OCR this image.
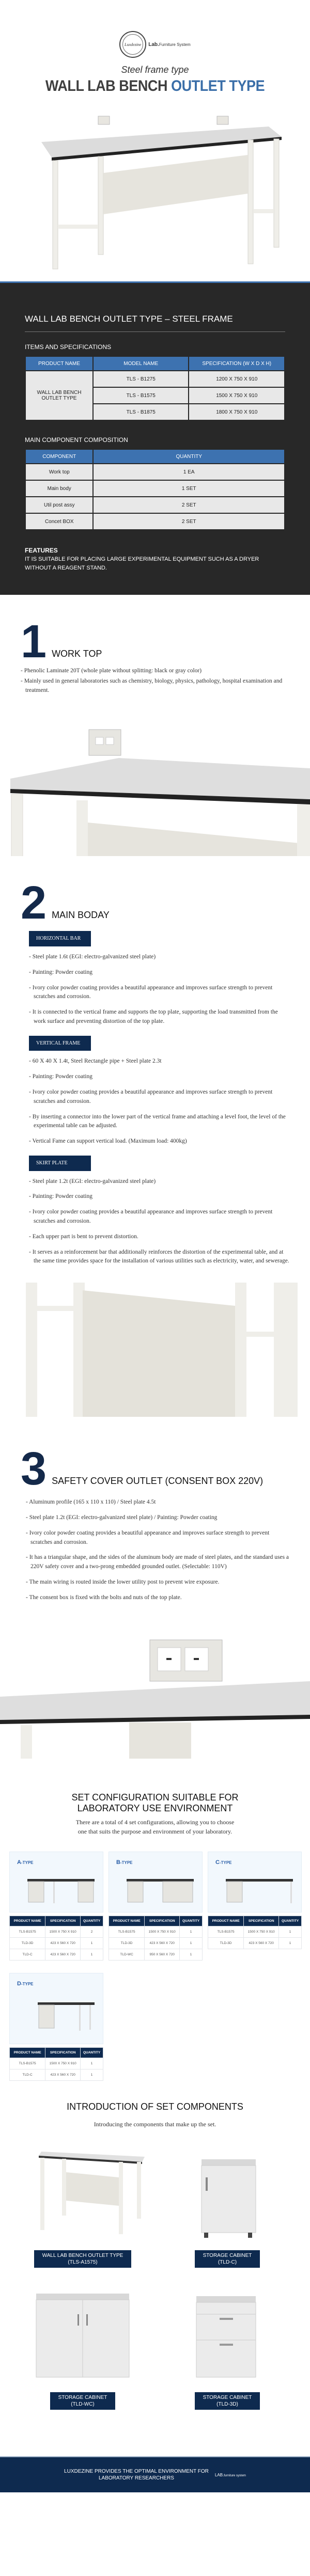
Luxdezine Lab.Furniture System
Steel frame type
WALL LAB BENCH OUTLET TYPE
WALL LAB BENCH OUTLET TYPE – STEEL FRAME
ITEMS AND SPECIFICATIONS
PRODUCT NAME	MODEL NAME	SPECIFICATION (W X D X H)
WALL LAB BENCH OUTLET TYPE	TLS - B1275	1200 X 750 X 910
	TLS - B1575	1500 X 750 X 910
	TLS - B1875	1800 X 750 X 910
MAIN COMPONENT COMPOSITION
COMPONENT	QUANTITY
Work top	1 EA
Main body	1 SET
Util post assy	2 SET
Concet BOX	2 SET
FEATURES
IT IS SUITABLE FOR PLACING LARGE EXPERIMENTAL EQUIPMENT SUCH AS A DRYER WITHOUT A REAGENT STAND.
1 WORK TOP

- Phenolic Laminate 20T (whole plate without splitting: black or gray color)

- Mainly used in general laboratories such as chemistry, biology, physics, pathology, hospital examination and treatment.

2 MAIN BODAY
HORIZONTAL BAR

- Steel plate 1.6t (EGI: electro-galvanized steel plate)

- Painting: Powder coating

- Ivory color powder coating provides a beautiful appearance and improves surface strength to prevent scratches and corrosion.

- It is connected to the vertical frame and supports the top plate, supporting the load transmitted from the work surface and preventing distortion of the top plate.

VERTICAL FRAME

- 60 X 40 X 1.4t, Steel Rectangle pipe + Steel plate 2.3t

- Painting: Powder coating

- Ivory color powder coating provides a beautiful appearance and improves surface strength to prevent scratches and corrosion.

- By inserting a connector into the lower part of the vertical frame and attaching a level foot, the level of the experimental table can be adjusted.

- Vertical Fame can support vertical load. (Maximum load: 400kg)

SKIRT PLATE

- Steel plate 1.2t (EGI: electro-galvanized steel plate)

- Painting: Powder coating

- Ivory color powder coating provides a beautiful appearance and improves surface strength to prevent scratches and corrosion.

- Each upper part is bent to prevent distortion.

- It serves as a reinforcement bar that additionally reinforces the distortion of the experimental table, and at the same time provides space for the installation of various utilities such as electricity, water, and sewerage.

3 SAFETY COVER OUTLET (CONSENT BOX 220V)

- Aluminum profile (165 x 110 x 110) / Steel plate 4.5t

- Steel plate 1.2t (EGI: electro-galvanized steel plate) / Painting: Powder coating

- Ivory color powder coating provides a beautiful appearance and improves surface strength to prevent scratches and corrosion.

- It has a triangular shape, and the sides of the aluminum body are made of steel plates, and the standard uses a 220V safety cover and a two-prong embedded grounded outlet. (Selectable: 110V)

- The main wiring is routed inside the lower utility post to prevent wire exposure.

- The consent box is fixed with the bolts and nuts of the top plate.

SET CONFIGURATION SUITABLE FOR
LABORATORY USE ENVIRONMENT
There are a total of 4 set configurations, allowing you to choose
one that suits the purpose and environment of your laboratory.
A-TYPE
PRODUCT NAME	SPECIFICATION	QUANTITY
TLS-B1575	1500 X 750 X 910	2
TLD-3D	423 X 560 X 720	1
TLD-C	423 X 560 X 720	1
B-TYPE
PRODUCT NAME	SPECIFICATION	QUANTITY
TLS-B1575	1500 X 750 X 910	1
TLD-3D	423 X 560 X 720	1
TLD-WC	950 X 560 X 720	1
C-TYPE
PRODUCT NAME	SPECIFICATION	QUANTITY
TLS-B1575	1500 X 750 X 910	1
TLD-3D	423 X 560 X 720	1
D-TYPE
PRODUCT NAME	SPECIFICATION	QUANTITY
TLS-B1575	1500 X 750 X 910	1
TLD-C	423 X 560 X 720	1
INTRODUCTION OF SET COMPONENTS
Introducing the components that make up the set.

WALL LAB BENCH OUTLET TYPE
(TLS-A1575)

STORAGE CABINET
(TLD-C)

STORAGE CABINET
(TLD-WC)

STORAGE CABINET
(TLD-3D)
LUXDEZINE PROVIDES THE OPTIMAL ENVIRONMENT FOR
LABORATORY RESEARCHERS
LAB.furniture system
